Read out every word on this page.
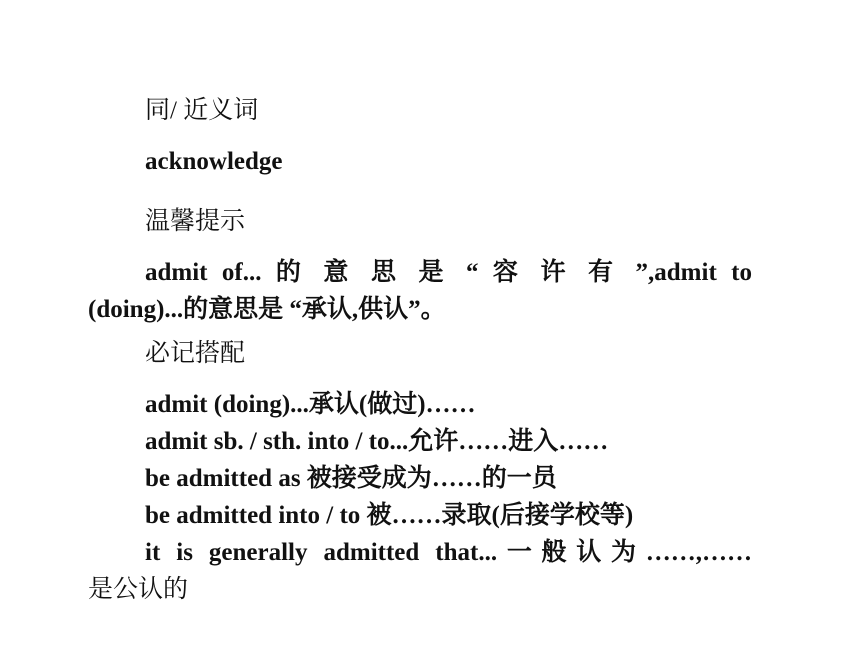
同/ 近义词
acknowledge
温馨提示
admit of... 的 意 思 是 “ 容 许 有 ”,admit to
(doing)...的意思是 “承认,供认”。
必记搭配
admit (doing)...承认(做过)……
admit sb. / sth. into / to...允许……进入……
be admitted as 被接受成为……的一员
be admitted into / to 被……录取(后接学校等)
it is generally admitted that...一般认为……,……
是公认的
